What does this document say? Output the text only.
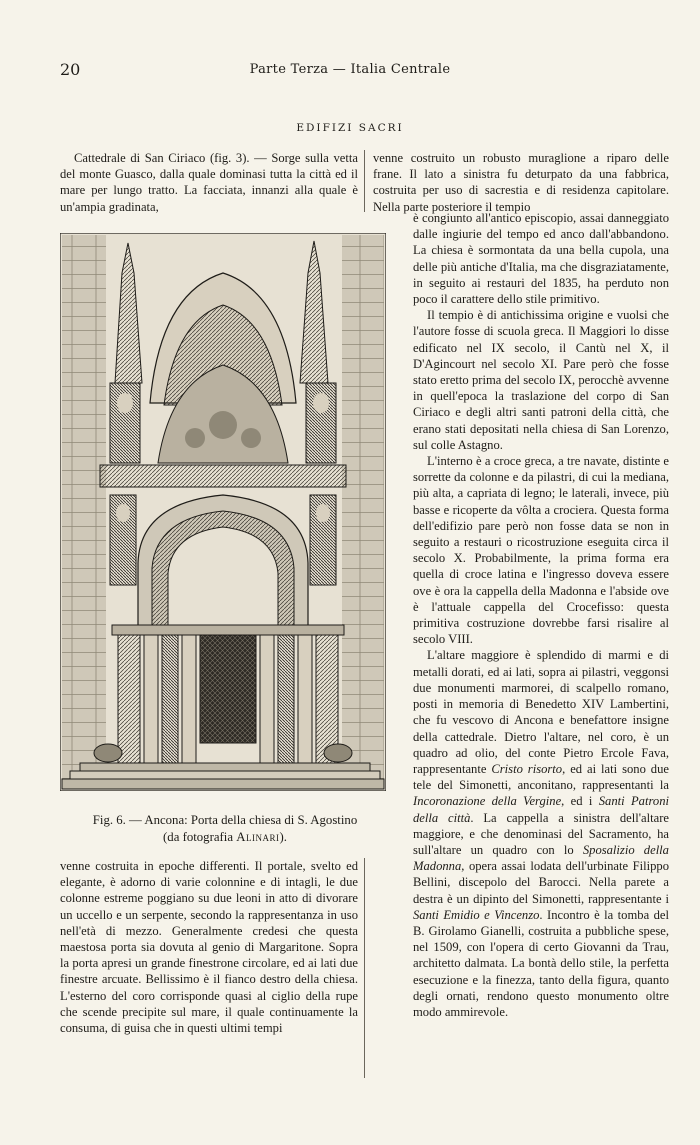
20	Parte Terza — Italia Centrale
EDIFIZI SACRI

Cattedrale di San Ciriaco (fig. 3). — Sorge sulla vetta del monte Guasco, dalla quale dominasi tutta la città ed il mare per lungo tratto. La facciata, innanzi alla quale è un'ampia gradinata,

venne costruito un robusto muraglione a riparo delle frane. Il lato a sinistra fu deturpato da una fabbrica, costruita per uso di sacrestia e di residenza capitolare. Nella parte posteriore il tempio

Fig. 6. — Ancona: Porta della chiesa di S. Agostino
(da fotografia Alinari).

è congiunto all'antico episcopio, assai danneggiato dalle ingiurie del tempo ed anco dall'abbandono. La chiesa è sormontata da una bella cupola, una delle più antiche d'Italia, ma che disgraziatamente, in seguito ai restauri del 1835, ha perduto non poco il carattere dello stile primitivo.

Il tempio è di antichissima origine e vuolsi che l'autore fosse di scuola greca. Il Maggiori lo disse edificato nel IX secolo, il Cantù nel X, il D'Agincourt nel secolo XI. Pare però che fosse stato eretto prima del secolo IX, perocchè avvenne in quell'epoca la traslazione del corpo di San Ciriaco e degli altri santi patroni della città, che erano stati depositati nella chiesa di San Lorenzo, sul colle Astagno.

L'interno è a croce greca, a tre navate, distinte e sorrette da colonne e da pilastri, di cui la mediana, più alta, a capriata di legno; le laterali, invece, più basse e ricoperte da vôlta a crociera. Questa forma dell'edifizio pare però non fosse data se non in seguito a restauri o ricostruzione eseguita circa il secolo X. Probabilmente, la prima forma era quella di croce latina e l'ingresso doveva essere ove è ora la cappella della Madonna e l'abside ove è l'attuale cappella del Crocefisso: questa primitiva costruzione dovrebbe farsi risalire al secolo VIII.

L'altare maggiore è splendido di marmi e di metalli dorati, ed ai lati, sopra ai pilastri, veggonsi due monumenti marmorei, di scalpello romano, posti in memoria di Benedetto XIV Lambertini, che fu vescovo di Ancona e benefattore insigne della cattedrale. Dietro l'altare, nel coro, è un quadro ad olio, del conte Pietro Ercole Fava, rappresentante Cristo risorto, ed ai lati sono due tele del Simonetti, anconitano, rappresentanti la Incoronazione della Vergine, ed i Santi Patroni della città. La cappella a sinistra dell'altare maggiore, e che denominasi del Sacramento, ha sull'altare un quadro con lo Sposalizio della Madonna, opera assai lodata dell'urbinate Filippo Bellini, discepolo del Barocci. Nella parete a destra è un dipinto del Simonetti, rappresentante i Santi Emidio e Vincenzo. Incontro è la tomba del B. Girolamo Gianelli, costruita a pubbliche spese, nel 1509, con l'opera di certo Giovanni da Trau, architetto dalmata. La bontà dello stile, la perfetta esecuzione e la finezza, tanto della figura, quanto degli ornati, rendono questo monumento oltre modo ammirevole.

venne costruita in epoche differenti. Il portale, svelto ed elegante, è adorno di varie colonnine e di intagli, le due colonne estreme poggiano su due leoni in atto di divorare un uccello e un serpente, secondo la rappresentanza in uso nell'età di mezzo. Generalmente credesi che questa maestosa porta sia dovuta al genio di Margaritone. Sopra la porta apresi un grande finestrone circolare, ed ai lati due finestre arcuate. Bellissimo è il fianco destro della chiesa. L'esterno del coro corrisponde quasi al ciglio della rupe che scende precipite sul mare, il quale continuamente la consuma, di guisa che in questi ultimi tempi
